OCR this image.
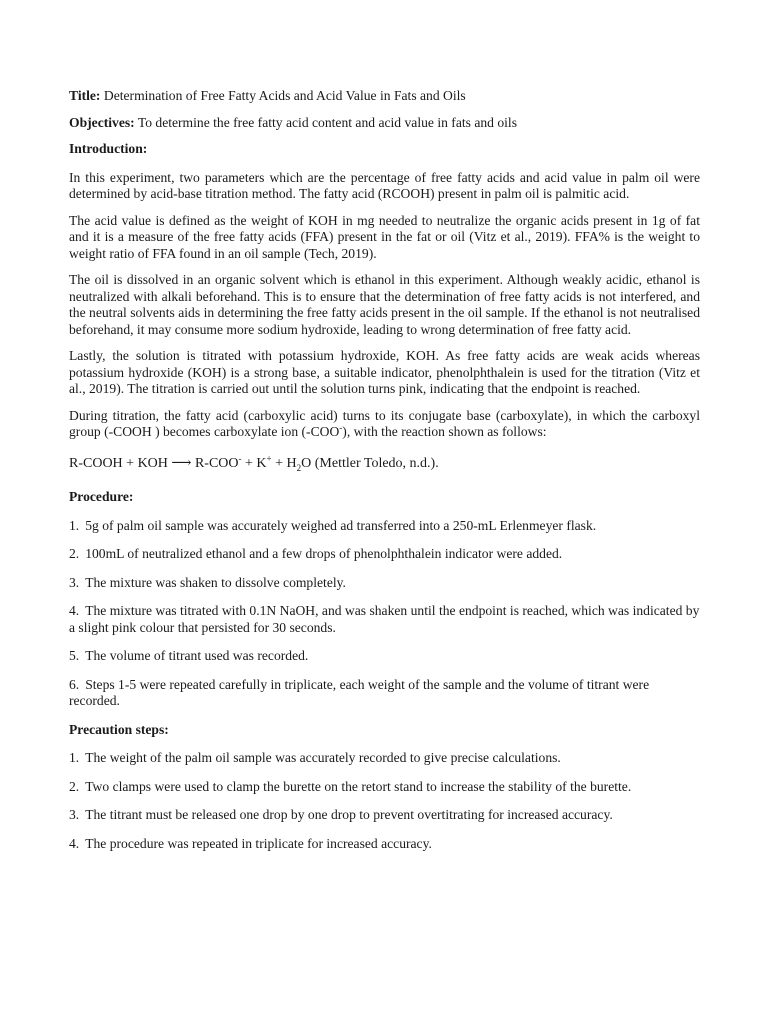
Title: Determination of Free Fatty Acids and Acid Value in Fats and Oils

Objectives: To determine the free fatty acid content and acid value in fats and oils

Introduction:

In this experiment, two parameters which are the percentage of free fatty acids and acid value in palm oil were determined by acid-base titration method. The fatty acid (RCOOH) present in palm oil is palmitic acid.

The acid value is defined as the weight of KOH in mg needed to neutralize the organic acids present in 1g of fat and it is a measure of the free fatty acids (FFA) present in the fat or oil (Vitz et al., 2019). FFA% is the weight to weight ratio of FFA found in an oil sample (Tech, 2019).

The oil is dissolved in an organic solvent which is ethanol in this experiment. Although weakly acidic, ethanol is neutralized with alkali beforehand. This is to ensure that the determination of free fatty acids is not interfered, and the neutral solvents aids in determining the free fatty acids present in the oil sample. If the ethanol is not neutralised beforehand, it may consume more sodium hydroxide, leading to wrong determination of free fatty acid.

Lastly, the solution is titrated with potassium hydroxide, KOH. As free fatty acids are weak acids whereas potassium hydroxide (KOH) is a strong base, a suitable indicator, phenolphthalein is used for the titration (Vitz et al., 2019). The titration is carried out until the solution turns pink, indicating that the endpoint is reached.

During titration, the fatty acid (carboxylic acid) turns to its conjugate base (carboxylate), in which the carboxyl group (-COOH ) becomes carboxylate ion (-COO-), with the reaction shown as follows:

R-COOH + KOH ⟶ $R-COO^- + K^+ + H_2O$ (Mettler Toledo, n.d.).

Procedure:

1. 5g of palm oil sample was accurately weighed ad transferred into a 250-mL Erlenmeyer flask.

2. 100mL of neutralized ethanol and a few drops of phenolphthalein indicator were added.

3. The mixture was shaken to dissolve completely.

4. The mixture was titrated with 0.1N NaOH, and was shaken until the endpoint is reached, which was indicated by a slight pink colour that persisted for 30 seconds.

5. The volume of titrant used was recorded.

6. Steps 1-5 were repeated carefully in triplicate, each weight of the sample and the volume of titrant were recorded.

Precaution steps:

1. The weight of the palm oil sample was accurately recorded to give precise calculations.

2. Two clamps were used to clamp the burette on the retort stand to increase the stability of the burette.

3. The titrant must be released one drop by one drop to prevent overtitrating for increased accuracy.

4. The procedure was repeated in triplicate for increased accuracy.
